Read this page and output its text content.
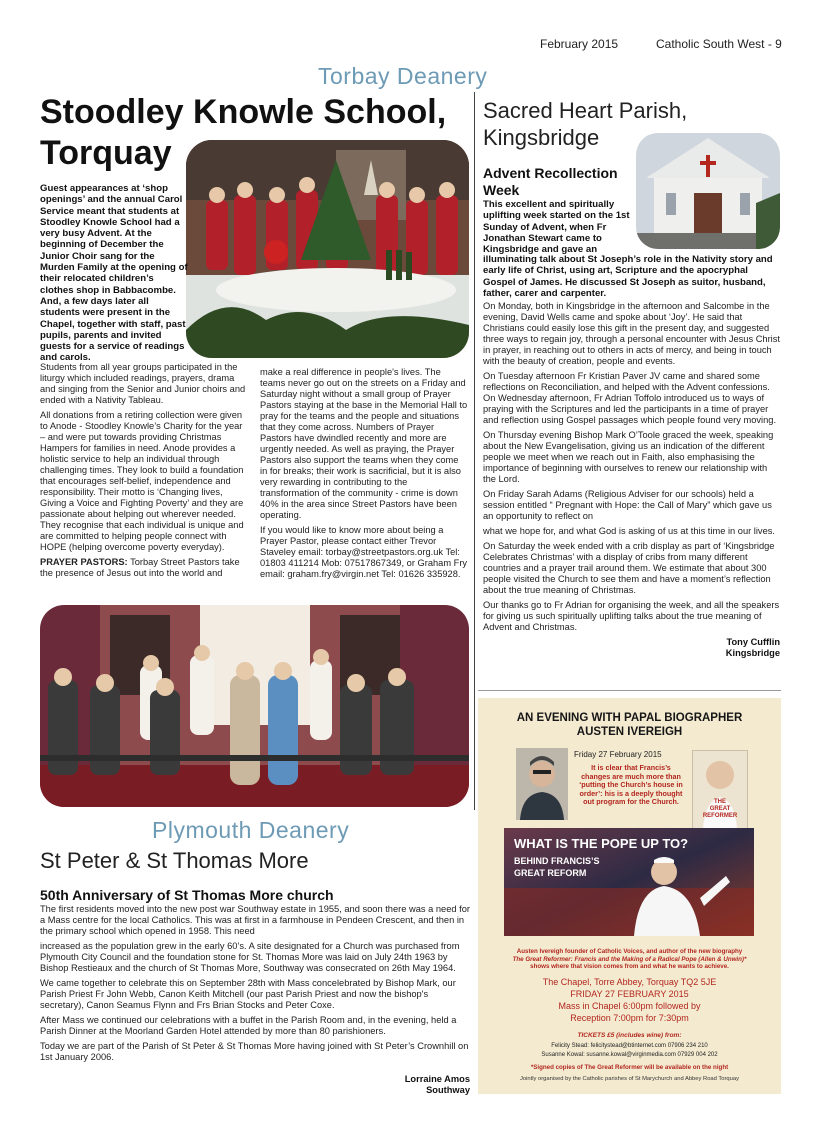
February 2015	Catholic South West - 9
Torbay Deanery
Stoodley Knowle School,
Torquay
Guest appearances at ‘shop openings’ and the annual Carol Service meant that students at Stoodley Knowle School had a very busy Advent. At the beginning of December the Junior Choir sang for the Murden Family at the opening of their relocated children’s clothes shop in Babbacombe. And, a few days later all students were present in the Chapel, together with staff, past pupils, parents and invited guests for a service of readings and carols.

Students from all year groups participated in the liturgy which included readings, prayers, drama and singing from the Senior and Junior choirs and ended with a Nativity Tableau.

All donations from a retiring collection were given to Anode - Stoodley Knowle’s Charity for the year – and were put towards providing Christmas Hampers for families in need. Anode provides a holistic service to help an individual through challenging times. They look to build a foundation that encourages self-belief, independence and responsibility. Their motto is ‘Changing lives, Giving a Voice and Fighting Poverty’ and they are passionate about helping out wherever needed. They recognise that each individual is unique and are committed to helping people connect with HOPE (helping overcome poverty everyday).

PRAYER PASTORS: Torbay Street Pastors take the presence of Jesus out into the world and

make a real difference in people's lives. The teams never go out on the streets on a Friday and Saturday night without a small group of Prayer Pastors staying at the base in the Memorial Hall to pray for the teams and the people and situations that they come across. Numbers of Prayer Pastors have dwindled recently and more are urgently needed. As well as praying, the Prayer Pastors also support the teams when they come in for breaks; their work is sacrificial, but it is also very rewarding in contributing to the transformation of the community - crime is down 40% in the area since Street Pastors have been operating.

If you would like to know more about being a Prayer Pastor, please contact either Trevor Staveley email: torbay@streetpastors.org.uk Tel: 01803 411214 Mob: 07517867349, or Graham Fry email: graham.fry@virgin.net Tel: 01626 335928.

Sacred Heart Parish,
Kingsbridge
Advent Recollection
Week
This excellent and spiritually uplifting week started on the 1st Sunday of Advent, when Fr Jonathan Stewart came to Kingsbridge and gave an
illuminating talk about St Joseph’s role in the Nativity story and early life of Christ, using art, Scripture and the apocryphal Gospel of James. He discussed St Joseph as suitor, husband, father, carer and carpenter.

On Monday, both in Kingsbridge in the afternoon and Salcombe in the evening, David Wells came and spoke about ‘Joy’. He said that Christians could easily lose this gift in the present day, and suggested three ways to regain joy, through a personal encounter with Jesus Christ in prayer, in reaching out to others in acts of mercy, and being in touch with the beauty of creation, people and events.

On Tuesday afternoon Fr Kristian Paver JV came and shared some reflections on Reconciliation, and helped with the Advent confessions. On Wednesday afternoon, Fr Adrian Toffolo introduced us to ways of praying with the Scriptures and led the participants in a time of prayer and reflection using Gospel passages which people found very moving.

On Thursday evening Bishop Mark O’Toole graced the week, speaking about the New Evangelisation, giving us an indication of the different people we meet when we reach out in Faith, also emphasising the importance of beginning with ourselves to renew our relationship with the Lord.

On Friday Sarah Adams (Religious Adviser for our schools) held a session entitled “ Pregnant with Hope: the Call of Mary” which gave us an opportunity to reflect on

what we hope for, and what God is asking of us at this time in our lives.

On Saturday the week ended with a crib display as part of ‘Kingsbridge Celebrates Christmas’ with a display of cribs from many different countries and a prayer trail around them. We estimate that about 300 people visited the Church to see them and have a moment’s reflection about the true meaning of Christmas.

Our thanks go to Fr Adrian for organising the week, and all the speakers for giving us such spiritually uplifting talks about the true meaning of Advent and Christmas.

Tony Cufflin
Kingsbridge
Plymouth Deanery
St Peter & St Thomas More
50th Anniversary of St Thomas More church

The first residents moved into the new post war Southway estate in 1955, and soon there was a need for a Mass centre for the local Catholics. This was at first in a farmhouse in Pendeen Crescent, and then in the primary school which opened in 1958. This need

increased as the population grew in the early 60’s. A site designated for a Church was purchased from Plymouth City Council and the foundation stone for St. Thomas More was laid on July 24th 1963 by Bishop Restieaux and the church of St Thomas More, Southway was consecrated on 26th May 1964.

We came together to celebrate this on September 28th with Mass concelebrated by Bishop Mark, our Parish Priest Fr John Webb, Canon Keith Mitchell (our past Parish Priest and now the bishop's secretary), Canon Seamus Flynn and Frs Brian Stocks and Peter Coxe.

After Mass we continued our celebrations with a buffet in the Parish Room and, in the evening, held a Parish Dinner at the Moorland Garden Hotel attended by more than 80 parishioners.

Today we are part of the Parish of St Peter & St Thomas More having joined with St Peter’s Crownhill on 1st January 2006.

Lorraine Amos
Southway
AN EVENING WITH PAPAL BIOGRAPHER
AUSTEN IVEREIGH
Friday 27 February 2015
It is clear that Francis’s changes are much more than ‘putting the Church’s house in order’: his is a deeply thought out program for the Church.	THE
GREAT
REFORMER
WHAT IS THE POPE UP TO?
BEHIND FRANCIS’S
GREAT REFORM
Austen Ivereigh founder of Catholic Voices, and author of the new biography
The Great Reformer: Francis and the Making of a Radical Pope (Allen & Unwin)*
shows where that vision comes from and what he wants to achieve.
The Chapel, Torre Abbey, Torquay TQ2 5JE
FRIDAY 27 FEBRUARY 2015
Mass in Chapel 6:00pm followed by
Reception 7:00pm for 7:30pm
TICKETS £5 (includes wine) from:
Felicity Stead: felicitystead@btinternet.com 07906 234 210
Susanne Kowal: susanne.kowal@virginmedia.com 07929 004 202
*Signed copies of The Great Reformer will be available on the night
Jointly organised by the Catholic parishes of St Marychurch and Abbey Road Torquay
